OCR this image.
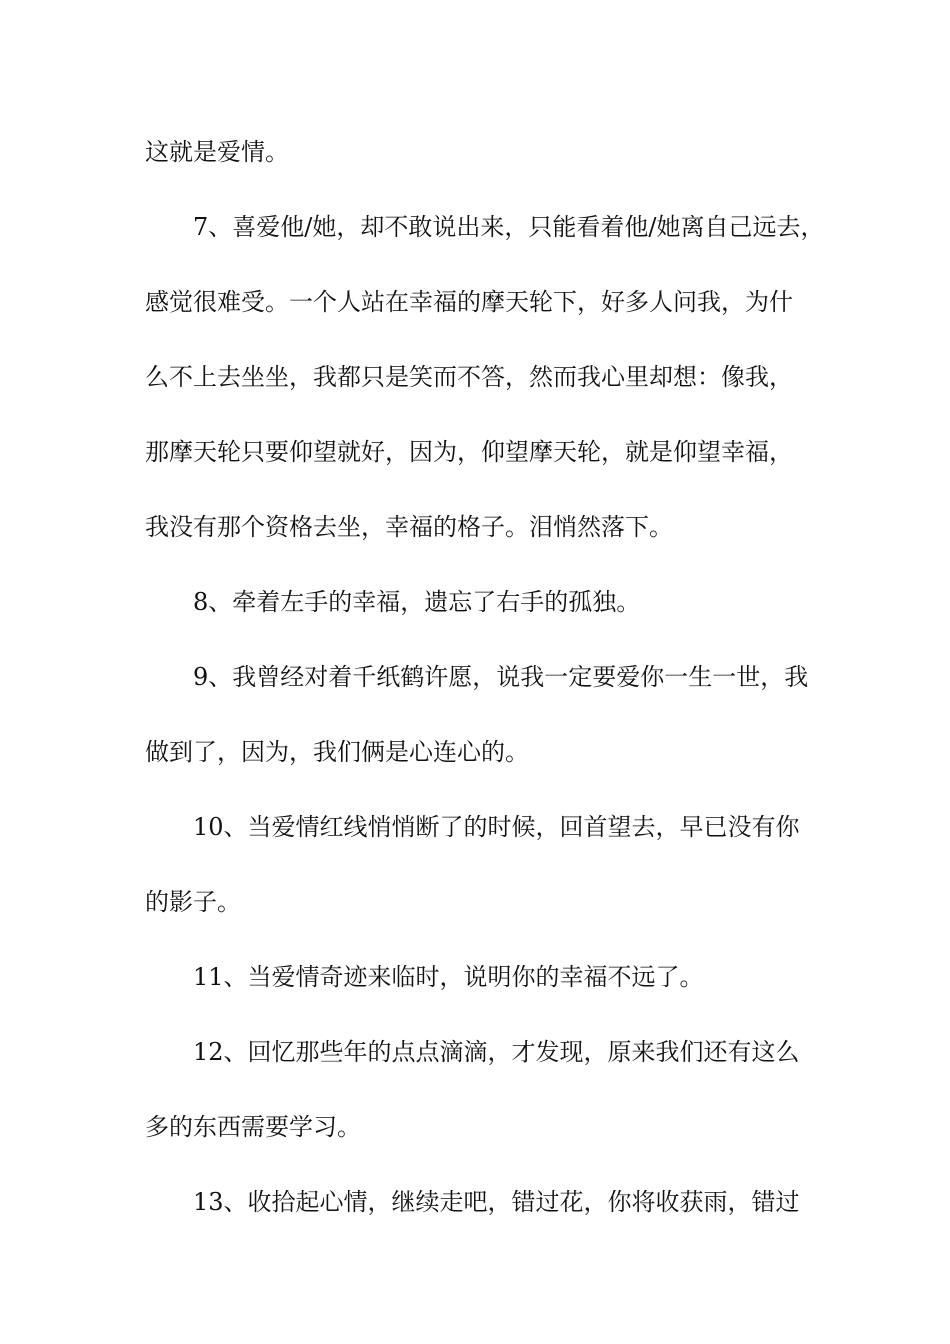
这就是爱情。
7、喜爱他/她，却不敢说出来，只能看着他/她离自己远去，
感觉很难受。一个人站在幸福的摩天轮下，好多人问我，为什
么不上去坐坐，我都只是笑而不答，然而我心里却想：像我，
那摩天轮只要仰望就好，因为，仰望摩天轮，就是仰望幸福，
我没有那个资格去坐，幸福的格子。泪悄然落下。
8、牵着左手的幸福，遗忘了右手的孤独。
9、我曾经对着千纸鹤许愿，说我一定要爱你一生一世，我
做到了，因为，我们俩是心连心的。
10、当爱情红线悄悄断了的时候，回首望去，早已没有你
的影子。
11、当爱情奇迹来临时，说明你的幸福不远了。
12、回忆那些年的点点滴滴，才发现，原来我们还有这么
多的东西需要学习。
13、收拾起心情，继续走吧，错过花，你将收获雨，错过
